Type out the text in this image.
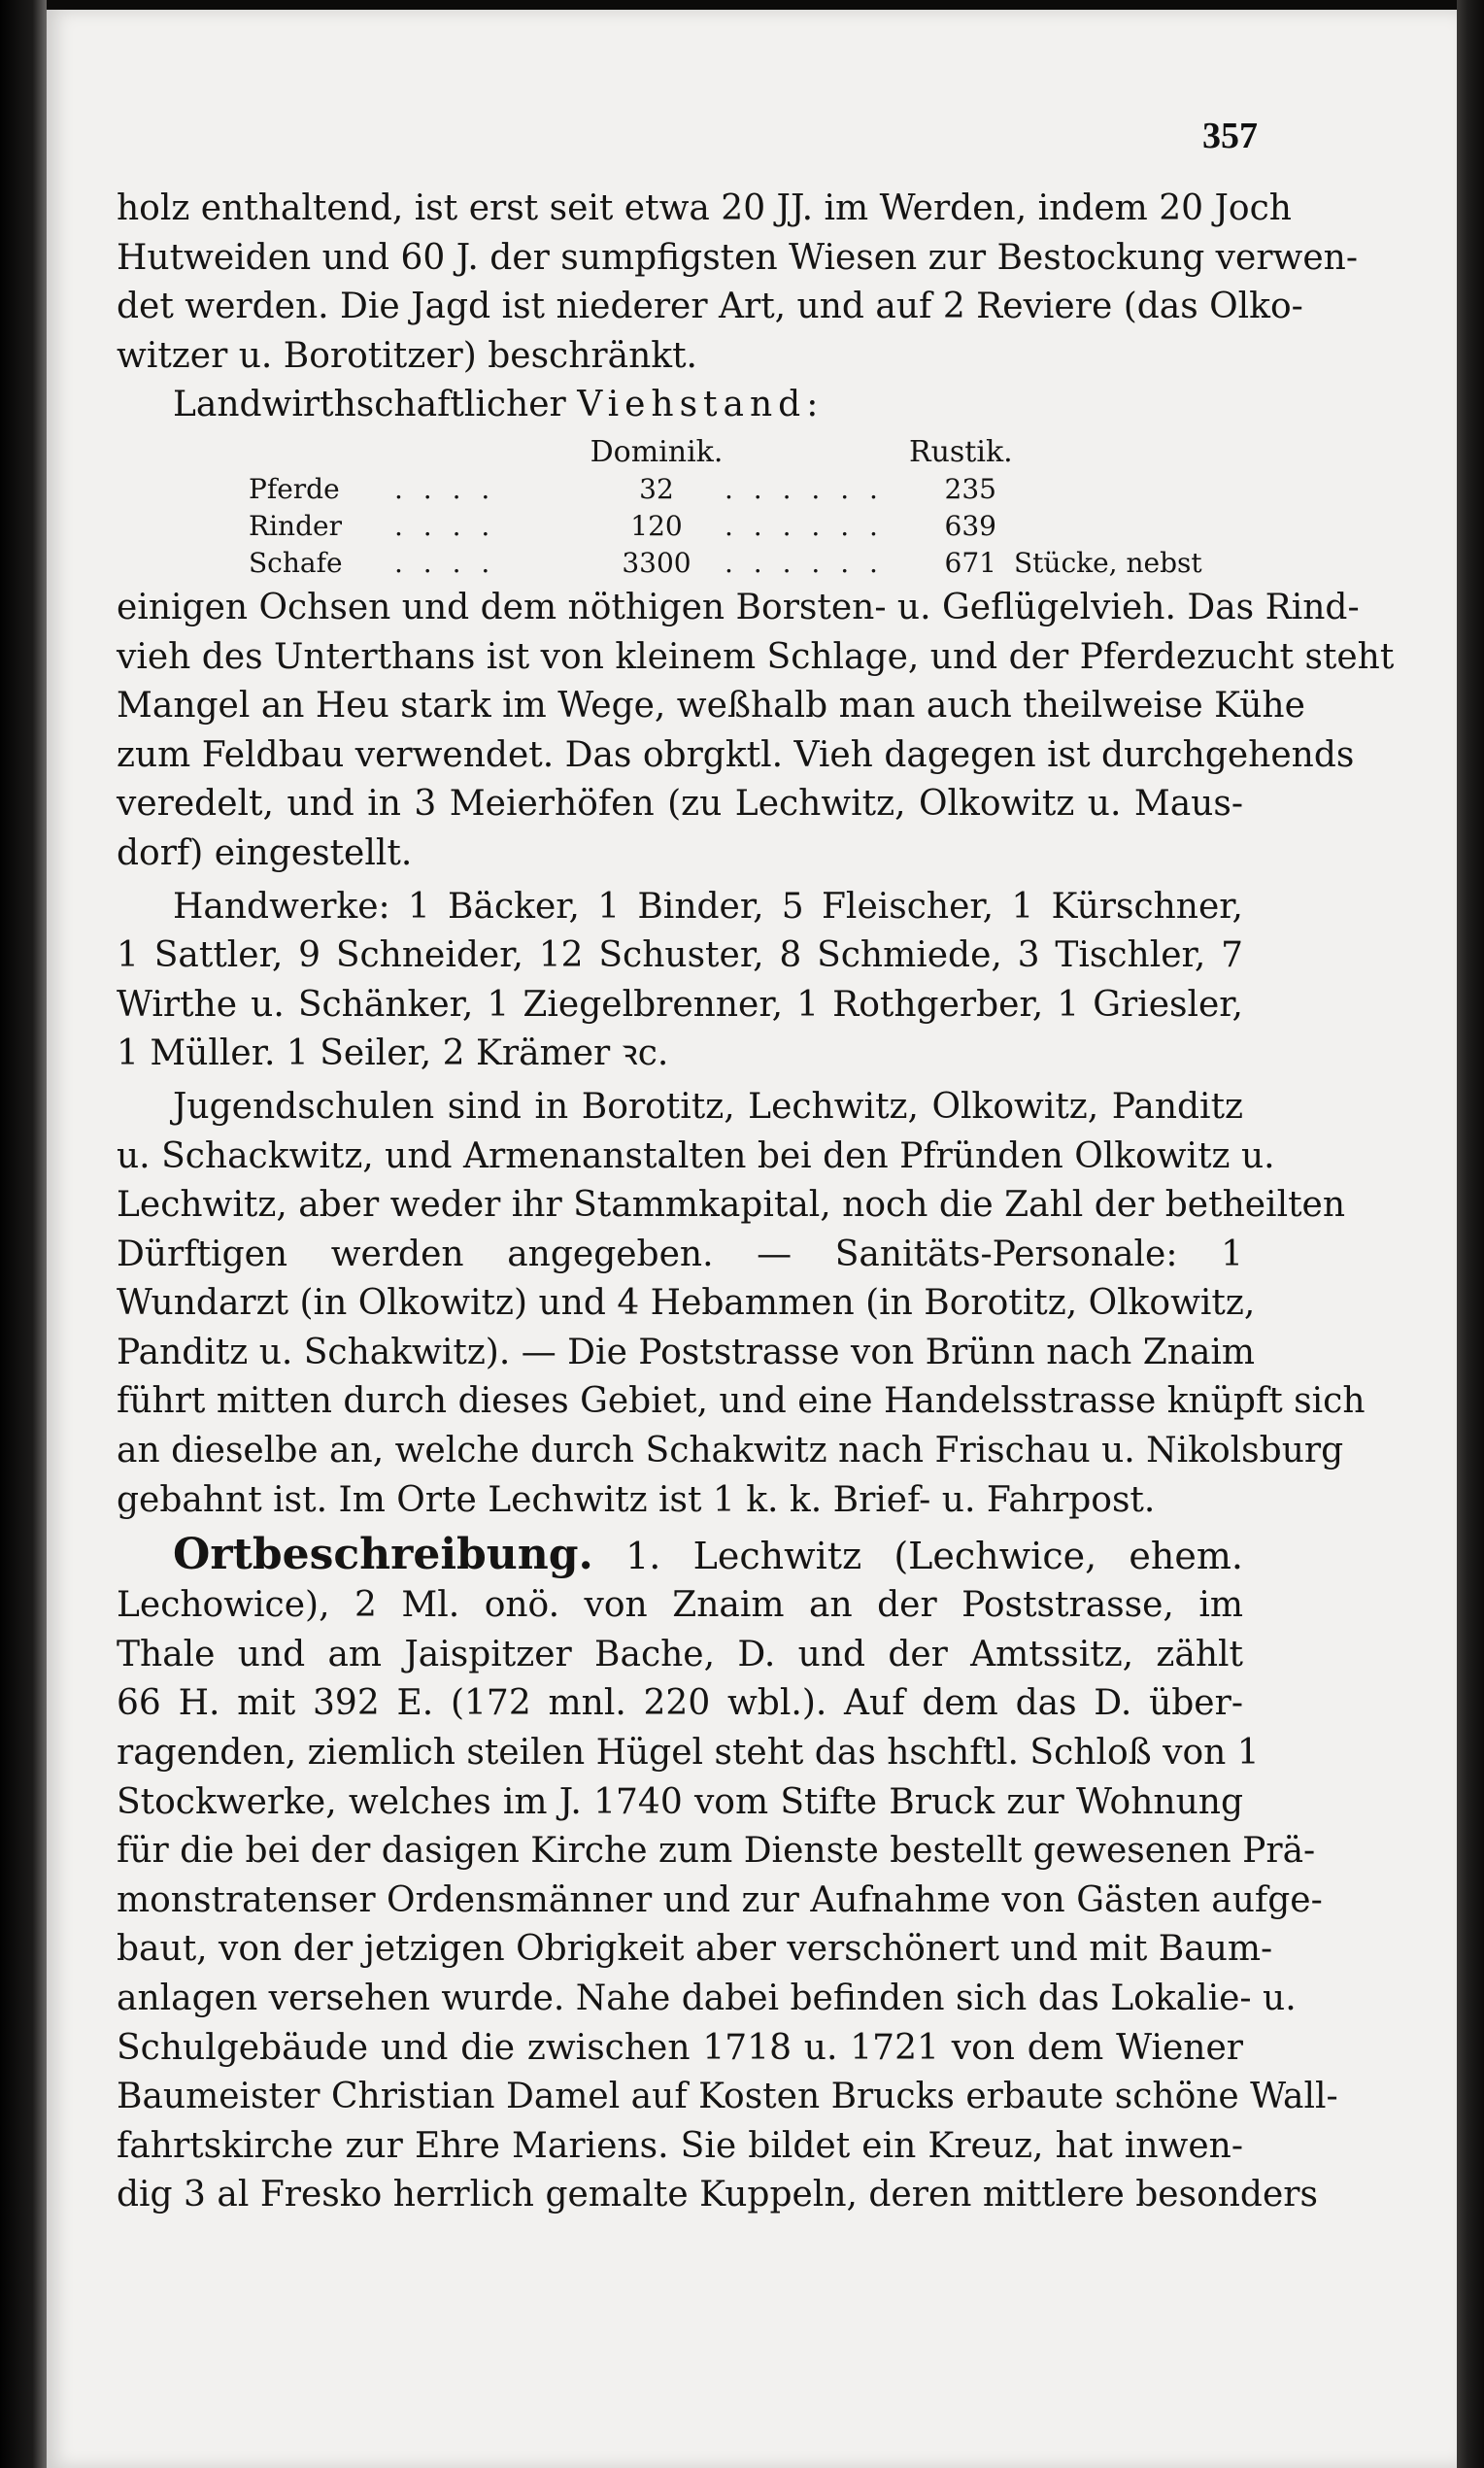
357
holz enthaltend, ist erst seit etwa 20 JJ. im Werden, indem 20 Joch
Hutweiden und 60 J. der sumpfigsten Wiesen zur Bestockung verwen-
det werden. Die Jagd ist niederer Art, und auf 2 Reviere (das Olko-
witzer u. Borotitzer) beschränkt.
Landwirthschaftlicher Viehstand:
Dominik.	Rustik.
Pferde	. . . .	32	. . . . . .	235
Rinder	. . . .	120	. . . . . .	639
Schafe	. . . .	3300	. . . . . .	671 Stücke, nebst
einigen Ochsen und dem nöthigen Borsten- u. Geflügelvieh. Das Rind-
vieh des Unterthans ist von kleinem Schlage, und der Pferdezucht steht
Mangel an Heu stark im Wege, weßhalb man auch theilweise Kühe
zum Feldbau verwendet. Das obrgktl. Vieh dagegen ist durchgehends
veredelt, und in 3 Meierhöfen (zu Lechwitz, Olkowitz u. Maus-
dorf) eingestellt.
Handwerke: 1 Bäcker, 1 Binder, 5 Fleischer, 1 Kürschner,
1 Sattler, 9 Schneider, 12 Schuster, 8 Schmiede, 3 Tischler, 7
Wirthe u. Schänker, 1 Ziegelbrenner, 1 Rothgerber, 1 Griesler,
1 Müller. 1 Seiler, 2 Krämer ꝛc.
Jugendschulen sind in Borotitz, Lechwitz, Olkowitz, Panditz
u. Schackwitz, und Armenanstalten bei den Pfründen Olkowitz u.
Lechwitz, aber weder ihr Stammkapital, noch die Zahl der betheilten
Dürftigen werden angegeben. — Sanitäts-Personale: 1
Wundarzt (in Olkowitz) und 4 Hebammen (in Borotitz, Olkowitz,
Panditz u. Schakwitz). — Die Poststrasse von Brünn nach Znaim
führt mitten durch dieses Gebiet, und eine Handelsstrasse knüpft sich
an dieselbe an, welche durch Schakwitz nach Frischau u. Nikolsburg
gebahnt ist. Im Orte Lechwitz ist 1 k. k. Brief- u. Fahrpost.
Ortbeschreibung. 1. Lechwitz (Lechwice, ehem.
Lechowice), 2 Ml. onö. von Znaim an der Poststrasse, im
Thale und am Jaispitzer Bache, D. und der Amtssitz, zählt
66 H. mit 392 E. (172 mnl. 220 wbl.). Auf dem das D. über-
ragenden, ziemlich steilen Hügel steht das hschftl. Schloß von 1
Stockwerke, welches im J. 1740 vom Stifte Bruck zur Wohnung
für die bei der dasigen Kirche zum Dienste bestellt gewesenen Prä-
monstratenser Ordensmänner und zur Aufnahme von Gästen aufge-
baut, von der jetzigen Obrigkeit aber verschönert und mit Baum-
anlagen versehen wurde. Nahe dabei befinden sich das Lokalie- u.
Schulgebäude und die zwischen 1718 u. 1721 von dem Wiener
Baumeister Christian Damel auf Kosten Brucks erbaute schöne Wall-
fahrtskirche zur Ehre Mariens. Sie bildet ein Kreuz, hat inwen-
dig 3 al Fresko herrlich gemalte Kuppeln, deren mittlere besonders
